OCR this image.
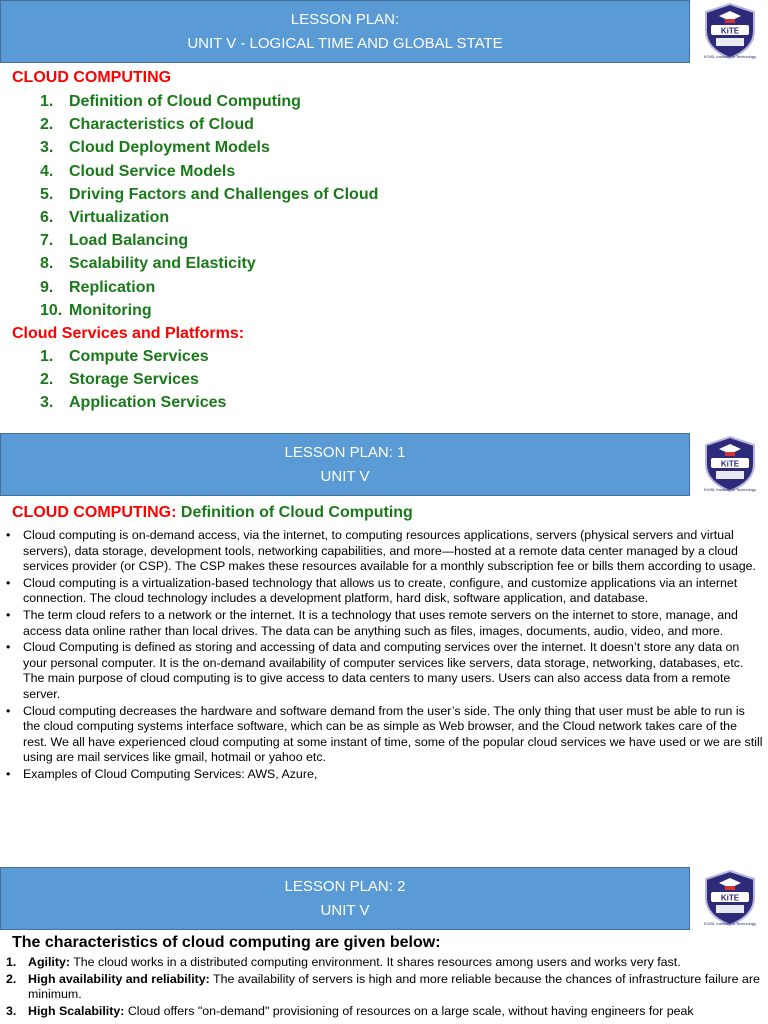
LESSON PLAN:
UNIT V - LOGICAL TIME AND GLOBAL STATE
KiTE
KGiSL Institute of Technology
CLOUD COMPUTING
1. Definition of Cloud Computing
2. Characteristics of Cloud
3. Cloud Deployment Models
4. Cloud Service Models
5. Driving Factors and Challenges of Cloud
6. Virtualization
7. Load Balancing
8. Scalability and Elasticity
9. Replication
10. Monitoring
Cloud Services and Platforms:
1. Compute Services
2. Storage Services
3. Application Services
LESSON PLAN: 1
UNIT V
KiTE
KGiSL Institute of Technology
CLOUD COMPUTING: Definition of Cloud Computing
• Cloud computing is on-demand access, via the internet, to computing resources applications, servers (physical servers and virtual servers), data storage, development tools, networking capabilities, and more—hosted at a remote data center managed by a cloud services provider (or CSP). The CSP makes these resources available for a monthly subscription fee or bills them according to usage.
• Cloud computing is a virtualization-based technology that allows us to create, configure, and customize applications via an internet connection. The cloud technology includes a development platform, hard disk, software application, and database.
• The term cloud refers to a network or the internet. It is a technology that uses remote servers on the internet to store, manage, and access data online rather than local drives. The data can be anything such as files, images, documents, audio, video, and more.
• Cloud Computing is defined as storing and accessing of data and computing services over the internet. It doesn’t store any data on your personal computer. It is the on-demand availability of computer services like servers, data storage, networking, databases, etc. The main purpose of cloud computing is to give access to data centers to many users. Users can also access data from a remote server.
• Cloud computing decreases the hardware and software demand from the user’s side. The only thing that user must be able to run is the cloud computing systems interface software, which can be as simple as Web browser, and the Cloud network takes care of the rest. We all have experienced cloud computing at some instant of time, some of the popular cloud services we have used or we are still using are mail services like gmail, hotmail or yahoo etc.
• Examples of Cloud Computing Services: AWS, Azure,
LESSON PLAN: 2
UNIT V
KiTE
KGiSL Institute of Technology
The characteristics of cloud computing are given below:
1. Agility: The cloud works in a distributed computing environment. It shares resources among users and works very fast.
2. High availability and reliability: The availability of servers is high and more reliable because the chances of infrastructure failure are minimum.
3. High Scalability: Cloud offers "on-demand" provisioning of resources on a large scale, without having engineers for peak
